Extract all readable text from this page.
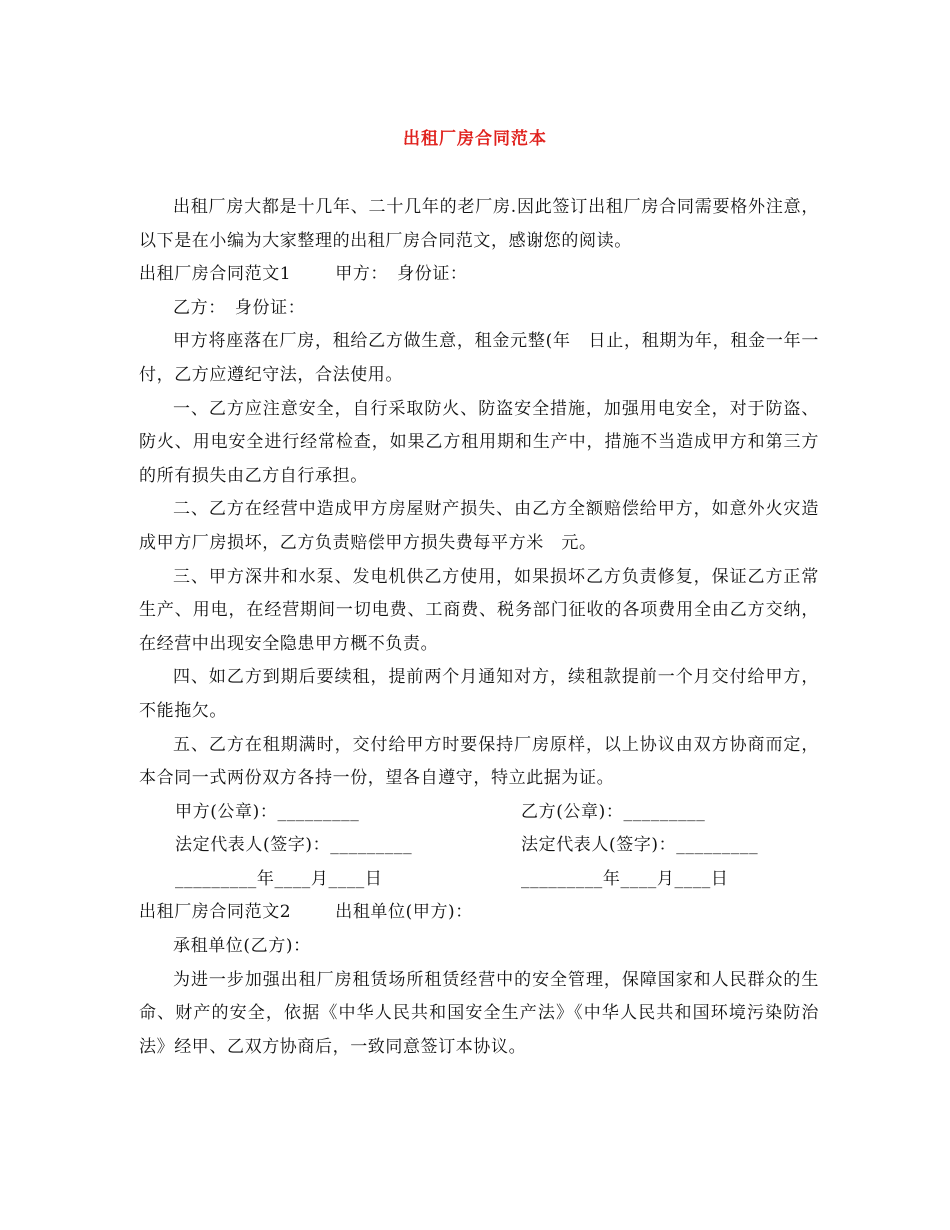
出租厂房合同范本

出租厂房大都是十几年、二十几年的老厂房.因此签订出租厂房合同需要格外注意，以下是在小编为大家整理的出租厂房合同范文，感谢您的阅读。

出租厂房合同范文1	甲方：　身份证：

乙方：　身份证：

甲方将座落在厂房，租给乙方做生意，租金元整(年　日止，租期为年，租金一年一付，乙方应遵纪守法，合法使用。

一、乙方应注意安全，自行采取防火、防盗安全措施，加强用电安全，对于防盗、防火、用电安全进行经常检查，如果乙方租用期和生产中，措施不当造成甲方和第三方的所有损失由乙方自行承担。

二、乙方在经营中造成甲方房屋财产损失、由乙方全额赔偿给甲方，如意外火灾造成甲方厂房损坏，乙方负责赔偿甲方损失费每平方米　元。

三、甲方深井和水泵、发电机供乙方使用，如果损坏乙方负责修复，保证乙方正常生产、用电，在经营期间一切电费、工商费、税务部门征收的各项费用全由乙方交纳，在经营中出现安全隐患甲方概不负责。

四、如乙方到期后要续租，提前两个月通知对方，续租款提前一个月交付给甲方，不能拖欠。

五、乙方在租期满时，交付给甲方时要保持厂房原样，以上协议由双方协商而定，本合同一式两份双方各持一份，望各自遵守，特立此据为证。

甲方(公章)：_________	乙方(公章)：_________
法定代表人(签字)：_________	法定代表人(签字)：_________
_________年____月____日	_________年____月____日

出租厂房合同范文2	出租单位(甲方)：

承租单位(乙方)：

为进一步加强出租厂房租赁场所租赁经营中的安全管理，保障国家和人民群众的生命、财产的安全，依据《中华人民共和国安全生产法》《中华人民共和国环境污染防治法》经甲、乙双方协商后，一致同意签订本协议。
